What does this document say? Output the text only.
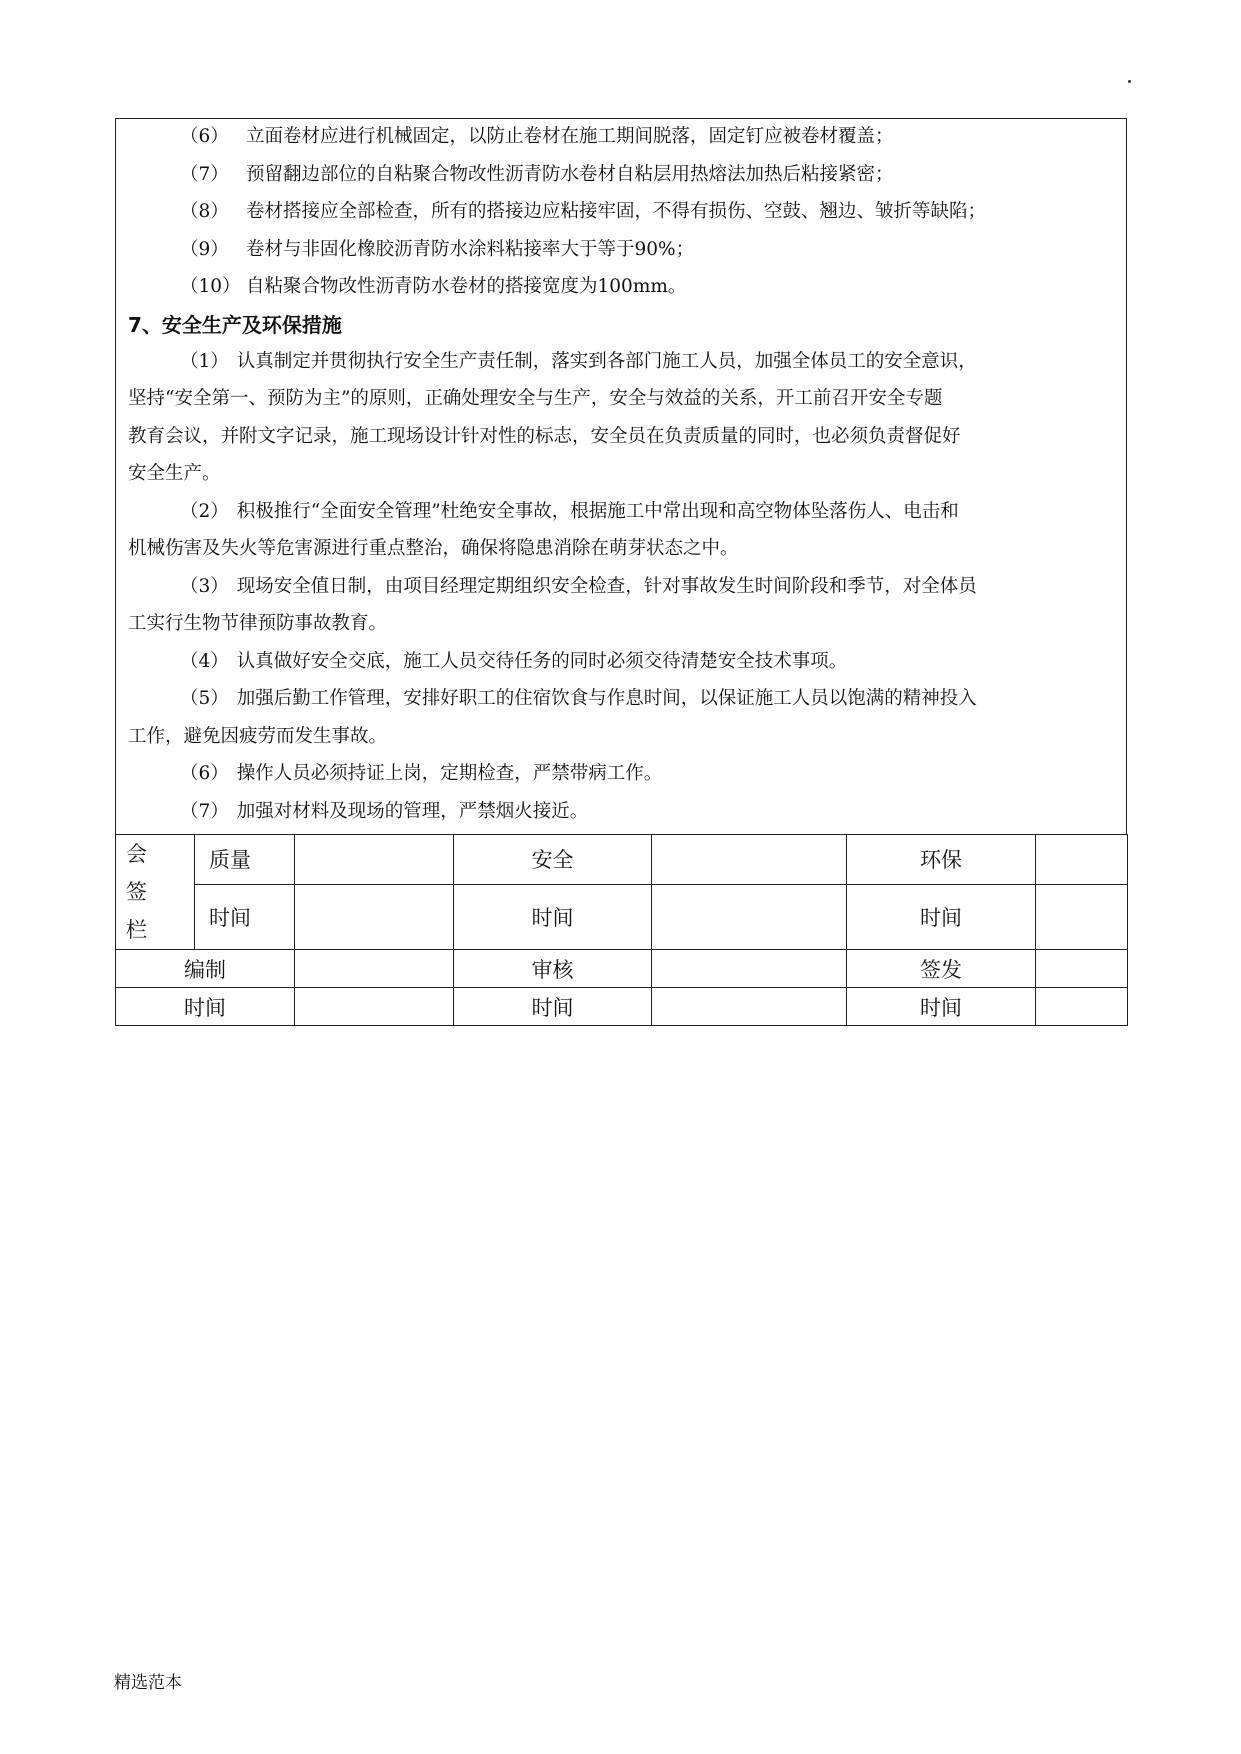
（6） 立面卷材应进行机械固定，以防止卷材在施工期间脱落，固定钉应被卷材覆盖；
（7） 预留翻边部位的自粘聚合物改性沥青防水卷材自粘层用热熔法加热后粘接紧密；
（8） 卷材搭接应全部检查，所有的搭接边应粘接牢固，不得有损伤、空鼓、翘边、皱折等缺陷；
（9） 卷材与非固化橡胶沥青防水涂料粘接率大于等于90%；
（10） 自粘聚合物改性沥青防水卷材的搭接宽度为100mm。
7、安全生产及环保措施
（1） 认真制定并贯彻执行安全生产责任制，落实到各部门施工人员，加强全体员工的安全意识，
坚持“安全第一、预防为主”的原则，正确处理安全与生产，安全与效益的关系，开工前召开安全专题
教育会议，并附文字记录，施工现场设计针对性的标志，安全员在负责质量的同时，也必须负责督促好
安全生产。
（2） 积极推行“全面安全管理”杜绝安全事故，根据施工中常出现和高空物体坠落伤人、电击和
机械伤害及失火等危害源进行重点整治，确保将隐患消除在萌芽状态之中。
（3） 现场安全值日制，由项目经理定期组织安全检查，针对事故发生时间阶段和季节，对全体员
工实行生物节律预防事故教育。
（4） 认真做好安全交底，施工人员交待任务的同时必须交待清楚安全技术事项。
（5） 加强后勤工作管理，安排好职工的住宿饮食与作息时间，以保证施工人员以饱满的精神投入
工作，避免因疲劳而发生事故。
（6） 操作人员必须持证上岗，定期检查，严禁带病工作。
（7） 加强对材料及现场的管理，严禁烟火接近。
会 签
栏	质量		安全		环保	
	时间		时间		时间	
编制			审核		签发	
时间			时间		时间	
精选范本
